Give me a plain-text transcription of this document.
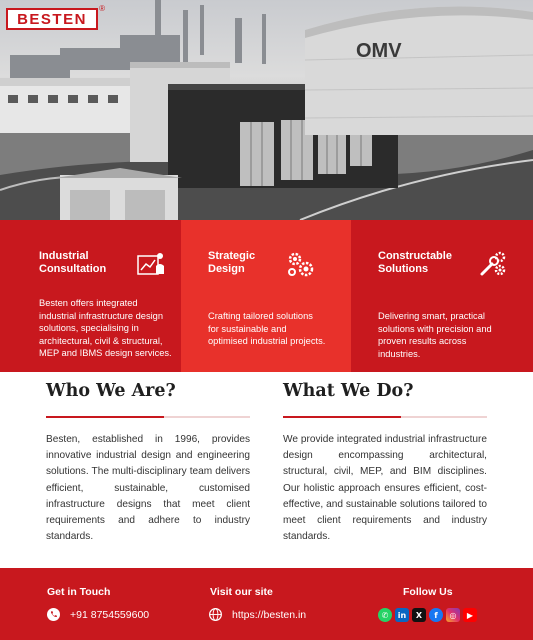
OMV
BESTEN
®
Industrial
Consultation
Besten offers integrated industrial infrastructure design solutions, specialising in architectural, civil & structural, MEP and IBMS design services.
Strategic
Design
Crafting tailored solutions for sustainable and optimised industrial projects.
Constructable
Solutions
Delivering smart, practical solutions with precision and proven results across industries.
Who We Are?
Besten, established in 1996, provides innovative industrial design and engineering solutions. The multi-disciplinary team delivers efficient, sustainable, customised infrastructure designs that meet client requirements and adhere to industry standards.
What We Do?
We provide integrated industrial infrastructure design encompassing architectural, structural, civil, MEP, and BIM disciplines. Our holistic approach ensures efficient, cost-effective, and sustainable solutions tailored to meet client requirements and industry standards.
Get in Touch
+91 8754559600
Visit our site
https://besten.in
Follow Us
✆	in	X	f	◎	▶
